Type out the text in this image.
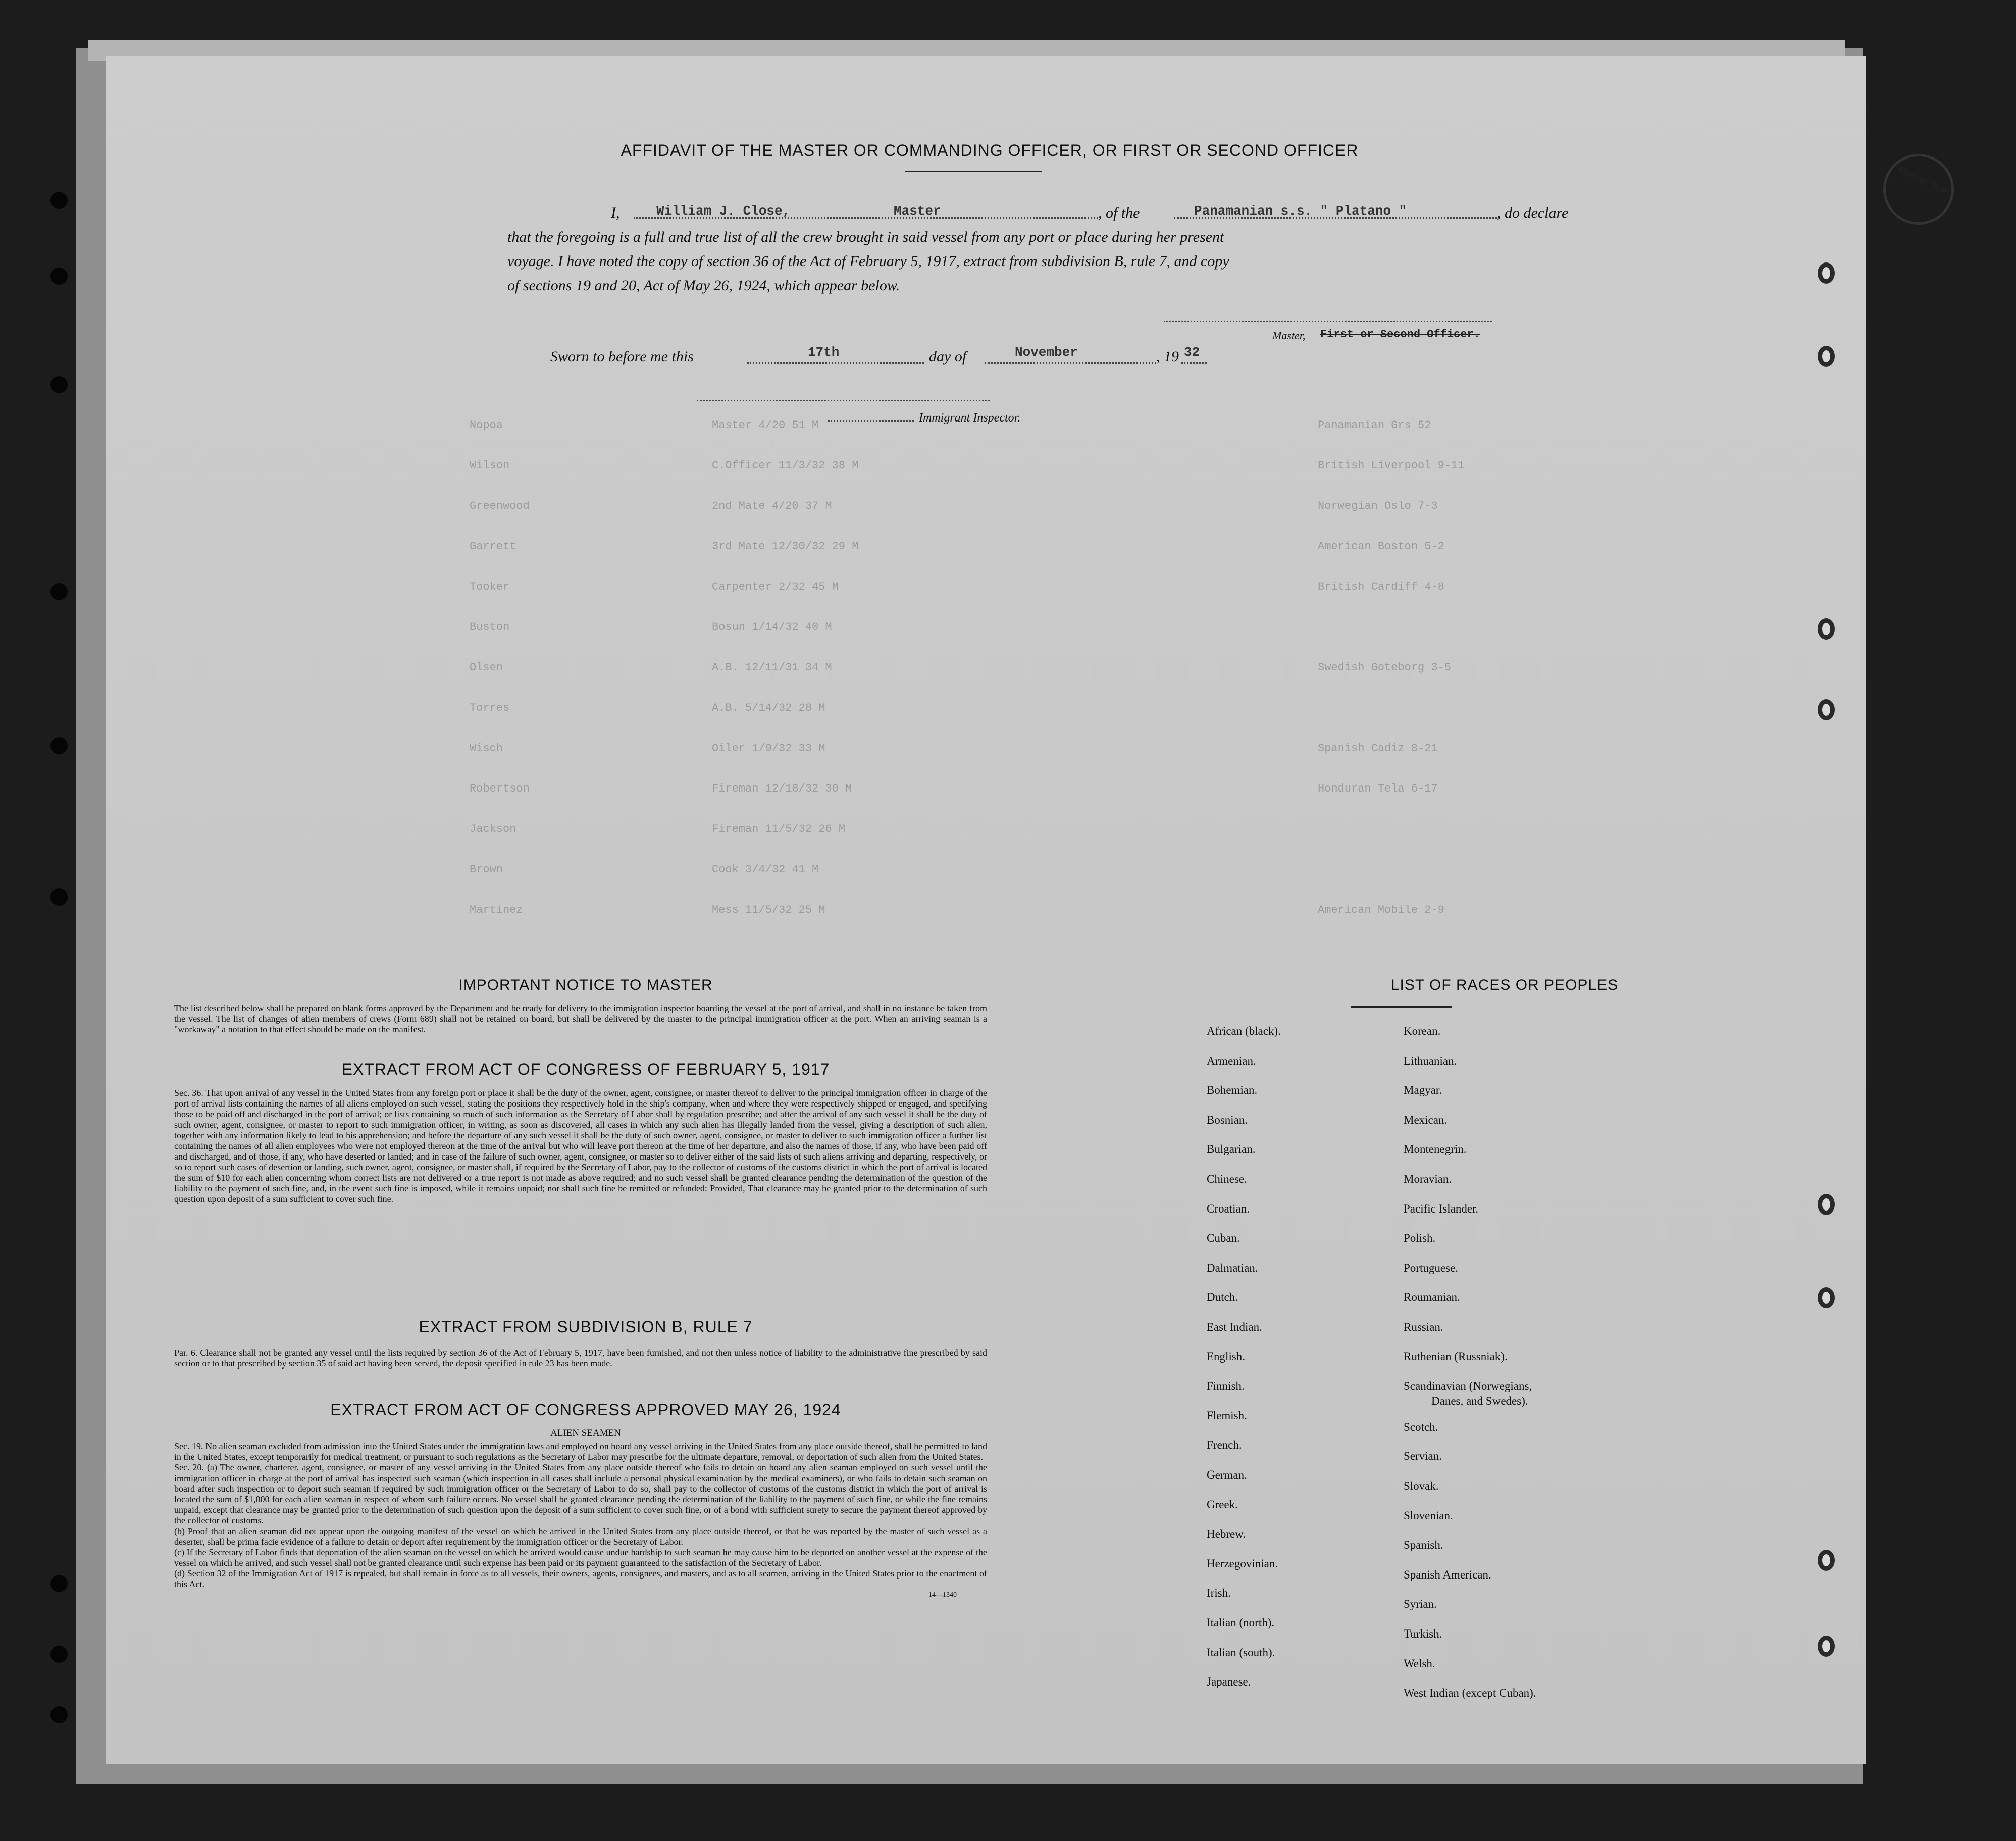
Nopoa	Master 4/20 51 M	Panamanian Grs 52
Wilson	C.Officer 11/3/32 38 M	British Liverpool 9-11
Greenwood	2nd Mate 4/20 37 M	Norwegian Oslo 7-3
Garrett	3rd Mate 12/30/32 29 M	American Boston 5-2
Tooker	Carpenter 2/32 45 M	British Cardiff 4-8
Buston	Bosun 1/14/32 40 M
Olsen	A.B. 12/11/31 34 M	Swedish Goteborg 3-5
Torres	A.B. 5/14/32 28 M
Wisch	Oiler 1/9/32 33 M	Spanish Cadiz 8-21
Robertson	Fireman 12/18/32 30 M	Honduran Tela 6-17
Jackson	Fireman 11/5/32 26 M
Brown	Cook 3/4/32 41 M
Martinez	Mess 11/5/32 25 M	American Mobile 2-9
ARRIVAL SLIP
AFFIDAVIT OF THE MASTER OR COMMANDING OFFICER, OR FIRST OR SECOND OFFICER
I,	William J. Close,	Master	, of the	Panamanian s.s. " Platano "	, do declare
that the foregoing is a full and true list of all the crew brought in said vessel from any port or place during her present
voyage. I have noted the copy of section 36 of the Act of February 5, 1917, extract from subdivision B, rule 7, and copy
of sections 19 and 20, Act of May 26, 1924, which appear below.
Master, First or Second Officer.
Sworn to before me this	17th	day of	November	, 19 32
Immigrant Inspector.
IMPORTANT NOTICE TO MASTER
The list described below shall be prepared on blank forms approved by the Department and be ready for delivery to the immigration inspector boarding the vessel at the port of arrival, and shall in no instance be taken from the vessel. The list of changes of alien members of crews (Form 689) shall not be retained on board, but shall be delivered by the master to the principal immigration officer at the port. When an arriving seaman is a "workaway" a notation to that effect should be made on the manifest.
EXTRACT FROM ACT OF CONGRESS OF FEBRUARY 5, 1917
Sec. 36. That upon arrival of any vessel in the United States from any foreign port or place it shall be the duty of the owner, agent, consignee, or master thereof to deliver to the principal immigration officer in charge of the port of arrival lists containing the names of all aliens employed on such vessel, stating the positions they respectively hold in the ship's company, when and where they were respectively shipped or engaged, and specifying those to be paid off and discharged in the port of arrival; or lists containing so much of such information as the Secretary of Labor shall by regulation prescribe; and after the arrival of any such vessel it shall be the duty of such owner, agent, consignee, or master to report to such immigration officer, in writing, as soon as discovered, all cases in which any such alien has illegally landed from the vessel, giving a description of such alien, together with any information likely to lead to his apprehension; and before the departure of any such vessel it shall be the duty of such owner, agent, consignee, or master to deliver to such immigration officer a further list containing the names of all alien employees who were not employed thereon at the time of the arrival but who will leave port thereon at the time of her departure, and also the names of those, if any, who have been paid off and discharged, and of those, if any, who have deserted or landed; and in case of the failure of such owner, agent, consignee, or master so to deliver either of the said lists of such aliens arriving and departing, respectively, or so to report such cases of desertion or landing, such owner, agent, consignee, or master shall, if required by the Secretary of Labor, pay to the collector of customs of the customs district in which the port of arrival is located the sum of $10 for each alien concerning whom correct lists are not delivered or a true report is not made as above required; and no such vessel shall be granted clearance pending the determination of the question of the liability to the payment of such fine, and, in the event such fine is imposed, while it remains unpaid; nor shall such fine be remitted or refunded: Provided, That clearance may be granted prior to the determination of such question upon deposit of a sum sufficient to cover such fine.
EXTRACT FROM SUBDIVISION B, RULE 7
Par. 6. Clearance shall not be granted any vessel until the lists required by section 36 of the Act of February 5, 1917, have been furnished, and not then unless notice of liability to the administrative fine prescribed by said section or to that prescribed by section 35 of said act having been served, the deposit specified in rule 23 has been made.
EXTRACT FROM ACT OF CONGRESS APPROVED MAY 26, 1924
ALIEN SEAMEN
Sec. 19. No alien seaman excluded from admission into the United States under the immigration laws and employed on board any vessel arriving in the United States from any place outside thereof, shall be permitted to land in the United States, except temporarily for medical treatment, or pursuant to such regulations as the Secretary of Labor may prescribe for the ultimate departure, removal, or deportation of such alien from the United States.
Sec. 20. (a) The owner, charterer, agent, consignee, or master of any vessel arriving in the United States from any place outside thereof who fails to detain on board any alien seaman employed on such vessel until the immigration officer in charge at the port of arrival has inspected such seaman (which inspection in all cases shall include a personal physical examination by the medical examiners), or who fails to detain such seaman on board after such inspection or to deport such seaman if required by such immigration officer or the Secretary of Labor to do so, shall pay to the collector of customs of the customs district in which the port of arrival is located the sum of $1,000 for each alien seaman in respect of whom such failure occurs. No vessel shall be granted clearance pending the determination of the liability to the payment of such fine, or while the fine remains unpaid, except that clearance may be granted prior to the determination of such question upon the deposit of a sum sufficient to cover such fine, or of a bond with sufficient surety to secure the payment thereof approved by the collector of customs.
(b) Proof that an alien seaman did not appear upon the outgoing manifest of the vessel on which he arrived in the United States from any place outside thereof, or that he was reported by the master of such vessel as a deserter, shall be prima facie evidence of a failure to detain or deport after requirement by the immigration officer or the Secretary of Labor.
(c) If the Secretary of Labor finds that deportation of the alien seaman on the vessel on which he arrived would cause undue hardship to such seaman he may cause him to be deported on another vessel at the expense of the vessel on which he arrived, and such vessel shall not be granted clearance until such expense has been paid or its payment guaranteed to the satisfaction of the Secretary of Labor.
(d) Section 32 of the Immigration Act of 1917 is repealed, but shall remain in force as to all vessels, their owners, agents, consignees, and masters, and as to all seamen, arriving in the United States prior to the enactment of this Act.
14—1340
LIST OF RACES OR PEOPLES
Danes, and Swedes).
African (black).
Armenian.
Bohemian.
Bosnian.
Bulgarian.
Chinese.
Croatian.
Cuban.
Dalmatian.
Dutch.
East Indian.
English.
Finnish.
Flemish.
French.
German.
Greek.
Hebrew.
Herzegovinian.
Irish.
Italian (north).
Italian (south).
Japanese.
Korean.
Lithuanian.
Magyar.
Mexican.
Montenegrin.
Moravian.
Pacific Islander.
Polish.
Portuguese.
Roumanian.
Russian.
Ruthenian (Russniak).
Scandinavian (Norwegians,
Scotch.
Servian.
Slovak.
Slovenian.
Spanish.
Spanish American.
Syrian.
Turkish.
Welsh.
West Indian (except Cuban).
